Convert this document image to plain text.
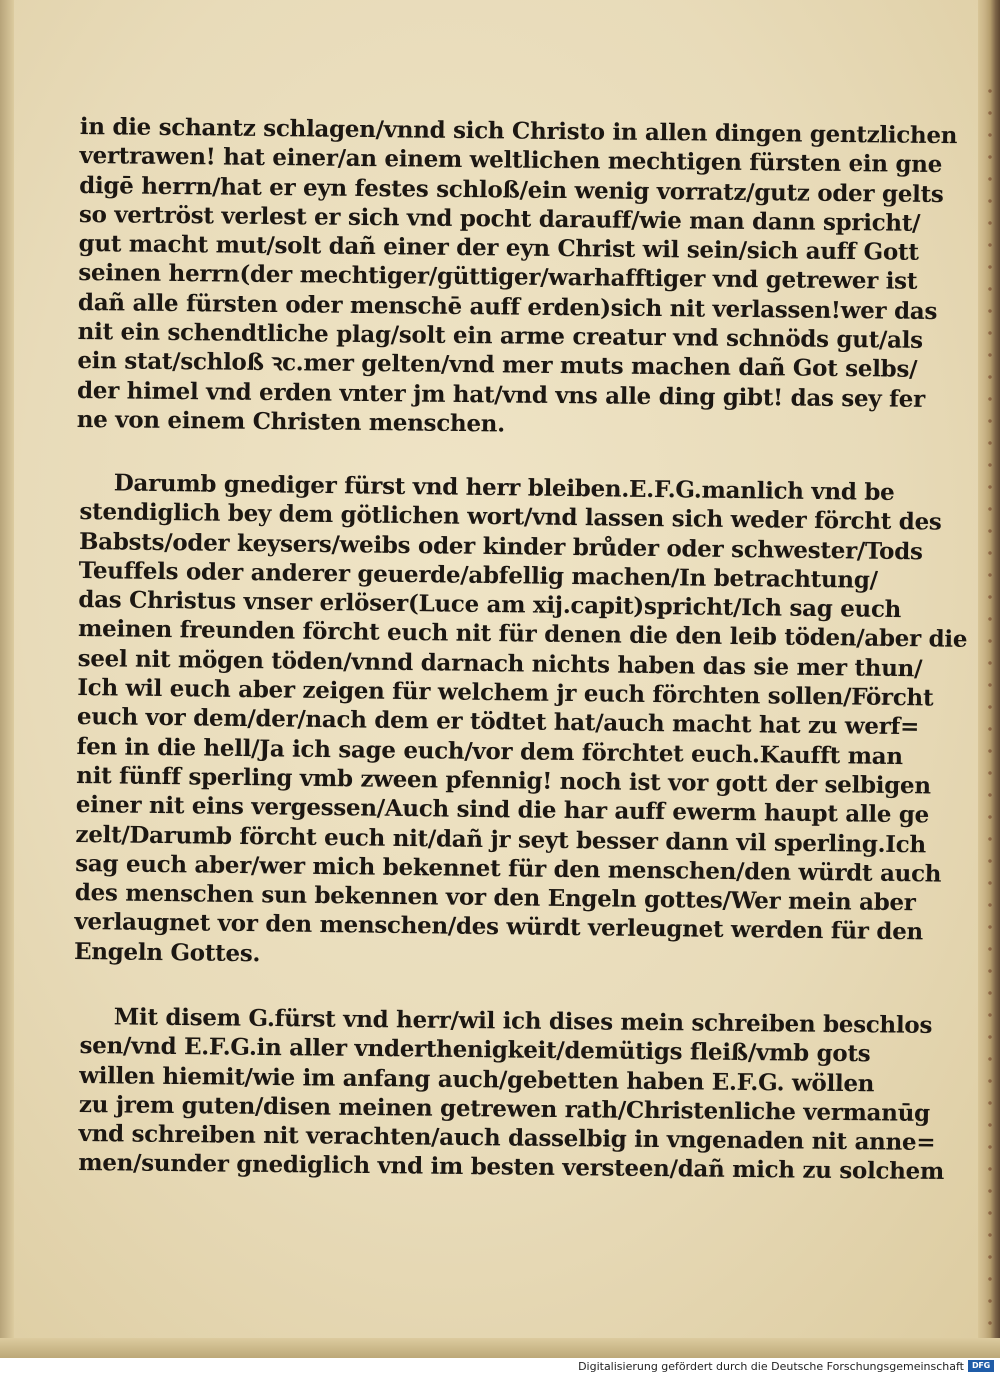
in die schantz schlagen/vnnd sich Christo in allen dingen gentzlichen
vertrawen! hat einer/an einem weltlichen mechtigen fürsten ein gne
digē herrn/hat er eyn festes schloß/ein wenig vorratz/gutz oder gelts
so vertröst verlest er sich vnd pocht darauff/wie man dann spricht/
gut macht mut/solt dañ einer der eyn Christ wil sein/sich auff Gott
seinen herrn(der mechtiger/güttiger/warhafftiger vnd getrewer ist
dañ alle fürsten oder menschē auff erden)sich nit verlassen!wer das
nit ein schendtliche plag/solt ein arme creatur vnd schnöds gut/als
ein stat/schloß ꝛc.mer gelten/vnd mer muts machen dañ Got selbs/
der himel vnd erden vnter jm hat/vnd vns alle ding gibt! das sey fer
ne von einem Christen menschen.
Darumb gnediger fürst vnd herr bleiben.E.F.G.manlich vnd be
stendiglich bey dem götlichen wort/vnd lassen sich weder förcht des
Babsts/oder keysers/weibs oder kinder brůder oder schwester/Tods
Teuffels oder anderer geuerde/abfellig machen/In betrachtung/
das Christus vnser erlöser(Luce am xij.capit)spricht/Ich sag euch
meinen freunden förcht euch nit für denen die den leib töden/aber die
seel nit mögen töden/vnnd darnach nichts haben das sie mer thun/
Ich wil euch aber zeigen für welchem jr euch förchten sollen/Förcht
euch vor dem/der/nach dem er tödtet hat/auch macht hat zu werf=
fen in die hell/Ja ich sage euch/vor dem förchtet euch.Kaufft man
nit fünff sperling vmb zween pfennig! noch ist vor gott der selbigen
einer nit eins vergessen/Auch sind die har auff ewerm haupt alle ge
zelt/Darumb förcht euch nit/dañ jr seyt besser dann vil sperling.Ich
sag euch aber/wer mich bekennet für den menschen/den würdt auch
des menschen sun bekennen vor den Engeln gottes/Wer mein aber
verlaugnet vor den menschen/des würdt verleugnet werden für den
Engeln Gottes.
Mit disem G.fürst vnd herr/wil ich dises mein schreiben beschlos
sen/vnd E.F.G.in aller vnderthenigkeit/demütigs fleiß/vmb gots
willen hiemit/wie im anfang auch/gebetten haben E.F.G. wöllen
zu jrem guten/disen meinen getrewen rath/Christenliche vermanūg
vnd schreiben nit verachten/auch dasselbig in vngenaden nit anne=
men/sunder gnediglich vnd im besten versteen/dañ mich zu solchem
Digitalisierung gefördert durch die Deutsche Forschungsgemeinschaft DFG
